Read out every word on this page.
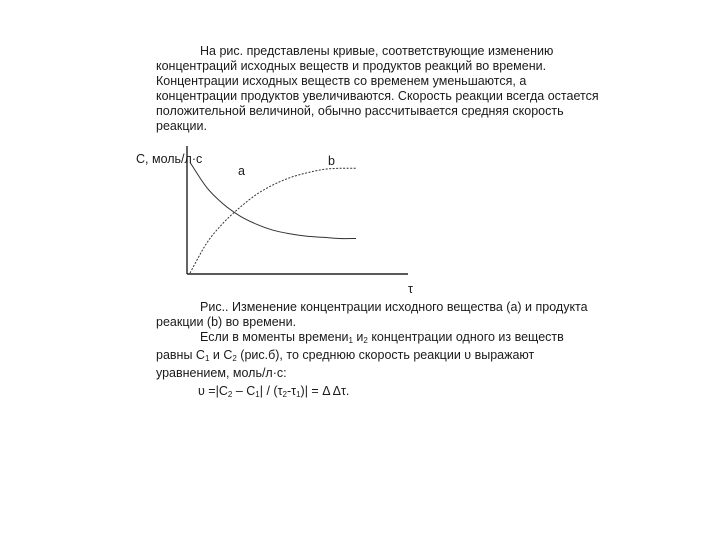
На рис. представлены кривые, соответствующие изменению
концентраций исходных веществ и продуктов реакций во времени.
Концентрации исходных веществ со временем уменьшаются, а
концентрации продуктов увеличиваются. Скорость реакции всегда остается
положительной величиной, обычно рассчитывается средняя скорость
реакции.
С, моль/л·с
a
b
τ
Рис.. Изменение концентрации исходного вещества (а) и продукта
реакции (b) во времени.
Если в моменты времени$_1$ $и_2$ концентрации одного из веществ
равны $С_1$ и $С_2$ (рис.б), то среднюю скорость реакции υ выражают
уравнением, моль/л·с:
$\upsilon =|С_2 - С_1| / (\tau_2-\tau_1)| = \Delta$ Δτ.
